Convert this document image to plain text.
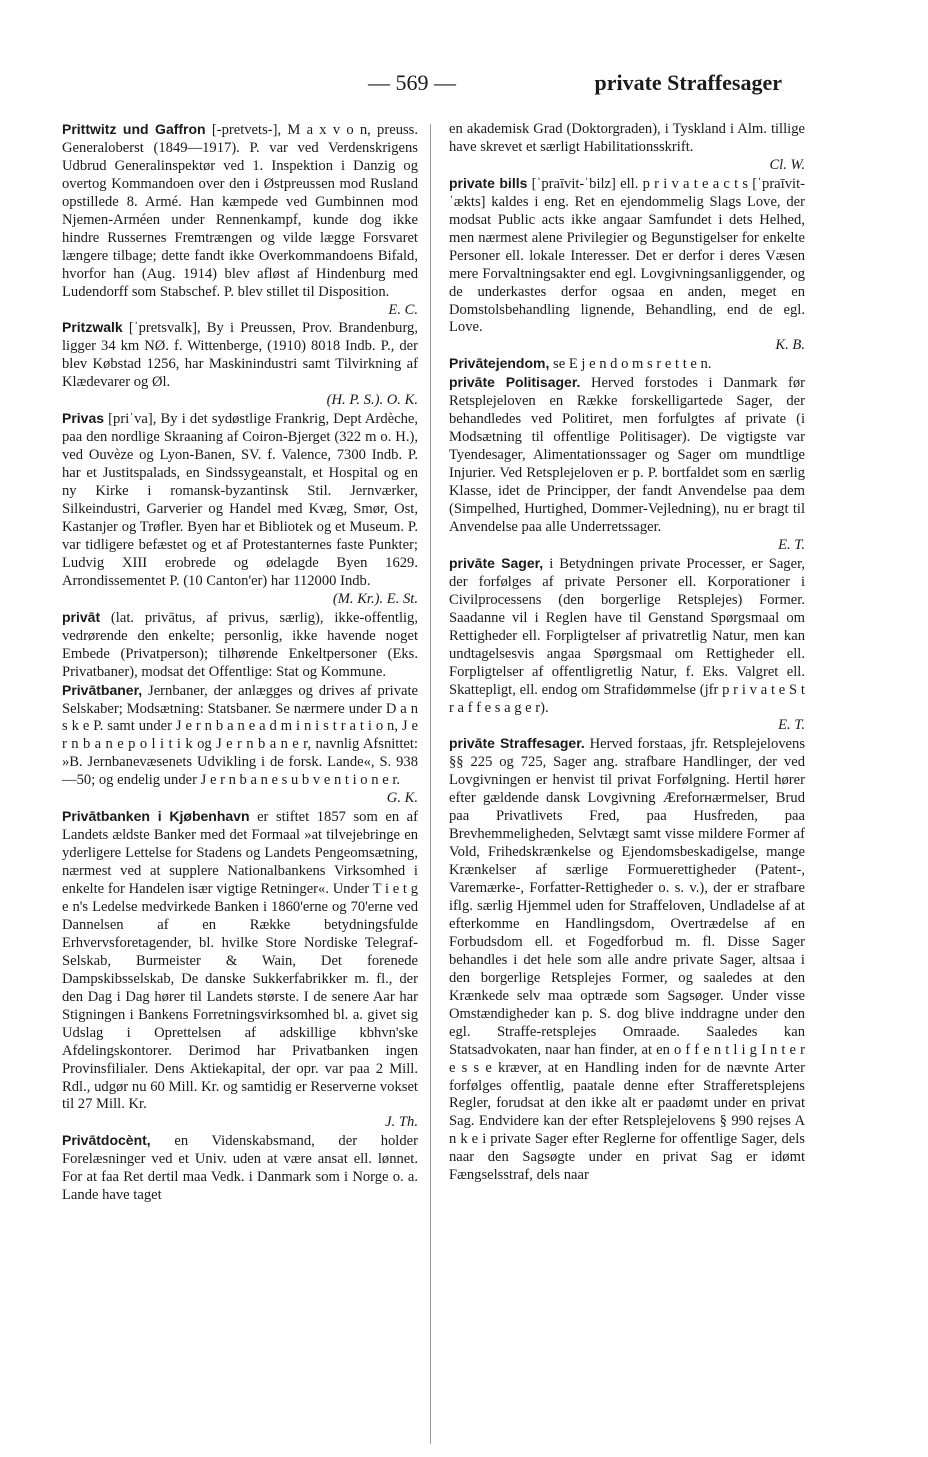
— 569 —	private Straffesager

Prittwitz und Gaffron [-pretvets-], M a x v o n, preuss. Generaloberst (1849—1917). P. var ved Verdenskrigens Udbrud Generalinspektør ved 1. Inspektion i Danzig og overtog Kommandoen over den i Østpreussen mod Rusland opstillede 8. Armé. Han kæmpede ved Gumbinnen mod Njemen-Arméen under Rennenkampf, kunde dog ikke hindre Russernes Fremtrængen og vilde lægge Forsvaret længere tilbage; dette fandt ikke Overkommandoens Bifald, hvorfor han (Aug. 1914) blev afløst af Hindenburg med Ludendorff som Stabschef. P. blev stillet til Disposition.
E. C.

Pritzwalk [ˈpretsvalk], By i Preussen, Prov. Brandenburg, ligger 34 km NØ. f. Wittenberge, (1910) 8018 Indb. P., der blev Købstad 1256, har Maskinindustri samt Tilvirkning af Klædevarer og Øl.
(H. P. S.). O. K.

Privas [priˈva], By i det sydøstlige Frankrig, Dept Ardèche, paa den nordlige Skraaning af Coiron-Bjerget (322 m o. H.), ved Ouvèze og Lyon-Banen, SV. f. Valence, 7300 Indb. P. har et Justitspalads, en Sindssygeanstalt, et Hospital og en ny Kirke i romansk-byzantinsk Stil. Jernværker, Silkeindustri, Garverier og Handel med Kvæg, Smør, Ost, Kastanjer og Trøfler. Byen har et Bibliotek og et Museum. P. var tidligere befæstet og et af Protestanternes faste Punkter; Ludvig XIII erobrede og ødelagde Byen 1629. Arrondissementet P. (10 Canton'er) har 112000 Indb.
(M. Kr.). E. St.

privāt (lat. privātus, af privus, særlig), ikke-offentlig, vedrørende den enkelte; personlig, ikke havende noget Embede (Privatperson); tilhørende Enkeltpersoner (Eks. Privatbaner), modsat det Offentlige: Stat og Kommune.

Privātbaner, Jernbaner, der anlægges og drives af private Selskaber; Modsætning: Statsbaner. Se nærmere under D a n s k e P. samt under J e r n b a n e a d m i n i s t r a t i o n, J e r n b a n e p o l i t i k og J e r n b a n e r, navnlig Afsnittet: »B. Jernbanevæsenets Udvikling i de forsk. Lande«, S. 938—50; og endelig under J e r n b a n e s u b v e n t i o n e r.
G. K.

Privātbanken i Kjøbenhavn er stiftet 1857 som en af Landets ældste Banker med det Formaal »at tilvejebringe en yderligere Lettelse for Stadens og Landets Pengeomsætning, nærmest ved at supplere Nationalbankens Virksomhed i enkelte for Handelen især vigtige Retninger«. Under T i e t g e n's Ledelse medvirkede Banken i 1860'erne og 70'erne ved Dannelsen af en Række betydningsfulde Erhvervsforetagender, bl. hvilke Store Nordiske Telegraf-Selskab, Burmeister & Wain, Det forenede Dampskibsselskab, De danske Sukkerfabrikker m. fl., der den Dag i Dag hører til Landets største. I de senere Aar har Stigningen i Bankens Forretningsvirksomhed bl. a. givet sig Udslag i Oprettelsen af adskillige kbhvn'ske Afdelingskontorer. Derimod har Privatbanken ingen Provinsfilialer. Dens Aktiekapital, der opr. var paa 2 Mill. Rdl., udgør nu 60 Mill. Kr. og samtidig er Reserverne vokset til 27 Mill. Kr.
J. Th.

Privātdocènt, en Videnskabsmand, der holder Forelæsninger ved et Univ. uden at være ansat ell. lønnet. For at faa Ret dertil maa Vedk. i Danmark som i Norge o. a. Lande have taget

en akademisk Grad (Doktorgraden), i Tyskland i Alm. tillige have skrevet et særligt Habilitationsskrift.
Cl. W.

private bills [ˈpraīvit-ˈbilz] ell. p r i v a t e a c t s [ˈpraīvit-ˈækts] kaldes i eng. Ret en ejendommelig Slags Love, der modsat Public acts ikke angaar Samfundet i dets Helhed, men nærmest alene Privilegier og Begunstigelser for enkelte Personer ell. lokale Interesser. Det er derfor i deres Væsen mere Forvaltningsakter end egl. Lovgivningsanliggender, og de underkastes derfor ogsaa en anden, meget en Domstolsbehandling lignende, Behandling, end de egl. Love.
K. B.

Privātejendom, se E j e n d o m s r e t t e n.

privāte Politisager. Herved forstodes i Danmark før Retsplejeloven en Række forskelligartede Sager, der behandledes ved Politiret, men forfulgtes af private (i Modsætning til offentlige Politisager). De vigtigste var Tyendesager, Alimentationssager og Sager om mundtlige Injurier. Ved Retsplejeloven er p. P. bortfaldet som en særlig Klasse, idet de Principper, der fandt Anvendelse paa dem (Simpelhed, Hurtighed, Dommer-Vejledning), nu er bragt til Anvendelse paa alle Underretssager.
E. T.

privāte Sager, i Betydningen private Processer, er Sager, der forfølges af private Personer ell. Korporationer i Civilprocessens (den borgerlige Retsplejes) Former. Saadanne vil i Reglen have til Genstand Spørgsmaal om Rettigheder ell. Forpligtelser af privatretlig Natur, men kan undtagelsesvis angaa Spørgsmaal om Rettigheder ell. Forpligtelser af offentligretlig Natur, f. Eks. Valgret ell. Skattepligt, ell. endog om Strafidømmelse (jfr p r i v a t e S t r a f f e s a g e r).
E. T.

privāte Straffesager. Herved forstaas, jfr. Retsplejelovens §§ 225 og 725, Sager ang. strafbare Handlinger, der ved Lovgivningen er henvist til privat Forfølgning. Hertil hører efter gældende dansk Lovgivning Æreforнærmelser, Brud paa Privatlivets Fred, paa Husfreden, paa Brevhemmeligheden, Selvtægt samt visse mildere Former af Vold, Frihedskrænkelse og Ejendomsbeskadigelse, mange Krænkelser af særlige Formuerettigheder (Patent-, Varemærke-, Forfatter-Rettigheder o. s. v.), der er strafbare iflg. særlig Hjemmel uden for Straffeloven, Undladelse af at efterkomme en Handlingsdom, Overtrædelse af en Forbudsdom ell. et Fogedforbud m. fl. Disse Sager behandles i det hele som alle andre private Sager, altsaa i den borgerlige Retsplejes Former, og saaledes at den Krænkede selv maa optræde som Sagsøger. Under visse Omstændigheder kan p. S. dog blive inddragne under den egl. Straffe-retsplejes Omraade. Saaledes kan Statsadvokaten, naar han finder, at en o f f e n t l i g I n t e r e s s e kræver, at en Handling inden for de nævnte Arter forfølges offentlig, paatale denne efter Strafferetsplejens Regler, forudsat at den ikke alt er paadømt under en privat Sag. Endvidere kan der efter Retsplejelovens § 990 rejses A n k e i private Sager efter Reglerne for offentlige Sager, dels naar den Sagsøgte under en privat Sag er idømt Fængselsstraf, dels naar
